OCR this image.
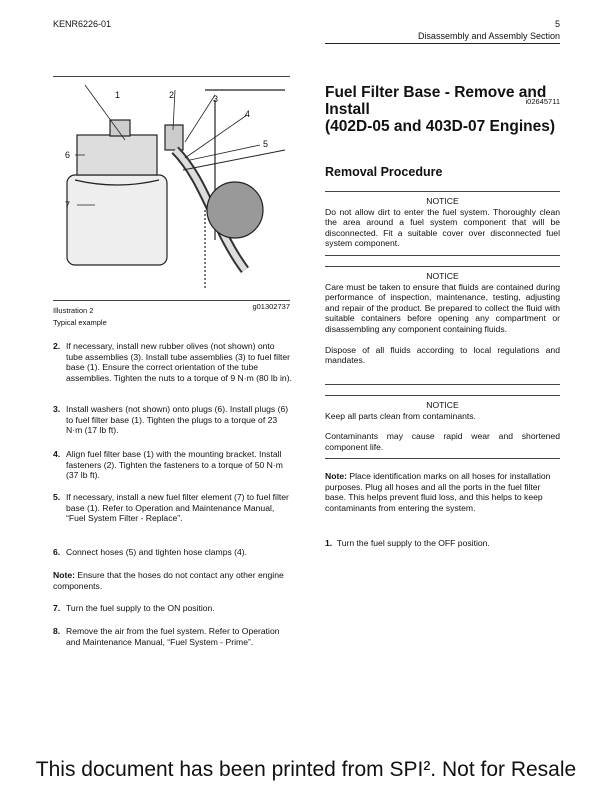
KENR6226-01	5
Disassembly and Assembly Section
1	2	3
4
5
6
7
Illustration 2	g01302737
Typical example
2. If necessary, install new rubber olives (not shown) onto tube assemblies (3). Install tube assemblies (3) to fuel filter base (1). Ensure the correct orientation of the tube assemblies. Tighten the nuts to a torque of 9 N·m (80 lb in).
3. Install washers (not shown) onto plugs (6). Install plugs (6) to fuel filter base (1). Tighten the plugs to a torque of 23 N·m (17 lb ft).
4. Align fuel filter base (1) with the mounting bracket. Install fasteners (2). Tighten the fasteners to a torque of 50 N·m (37 lb ft).
5. If necessary, install a new fuel filter element (7) to fuel filter base (1). Refer to Operation and Maintenance Manual, “Fuel System Filter - Replace”.
6. Connect hoses (5) and tighten hose clamps (4).
Note: Ensure that the hoses do not contact any other engine components.
7. Turn the fuel supply to the ON position.
8. Remove the air from the fuel system. Refer to Operation and Maintenance Manual, “Fuel System - Prime”.
i02645711
Fuel Filter Base - Remove and Install
(402D-05 and 403D-07 Engines)
Removal Procedure
NOTICE
Do not allow dirt to enter the fuel system. Thoroughly clean the area around a fuel system component that will be disconnected. Fit a suitable cover over disconnected fuel system component.
NOTICE
Care must be taken to ensure that fluids are contained during performance of inspection, maintenance, testing, adjusting and repair of the product. Be prepared to collect the fluid with suitable containers before opening any compartment or disassembling any component containing fluids.
Dispose of all fluids according to local regulations and mandates.
NOTICE
Keep all parts clean from contaminants.
Contaminants may cause rapid wear and shortened component life.
Note: Place identification marks on all hoses for installation purposes. Plug all hoses and all the ports in the fuel filter base. This helps prevent fluid loss, and this helps to keep contaminants from entering the system.
1. Turn the fuel supply to the OFF position.
This document has been printed from SPI². Not for Resale
